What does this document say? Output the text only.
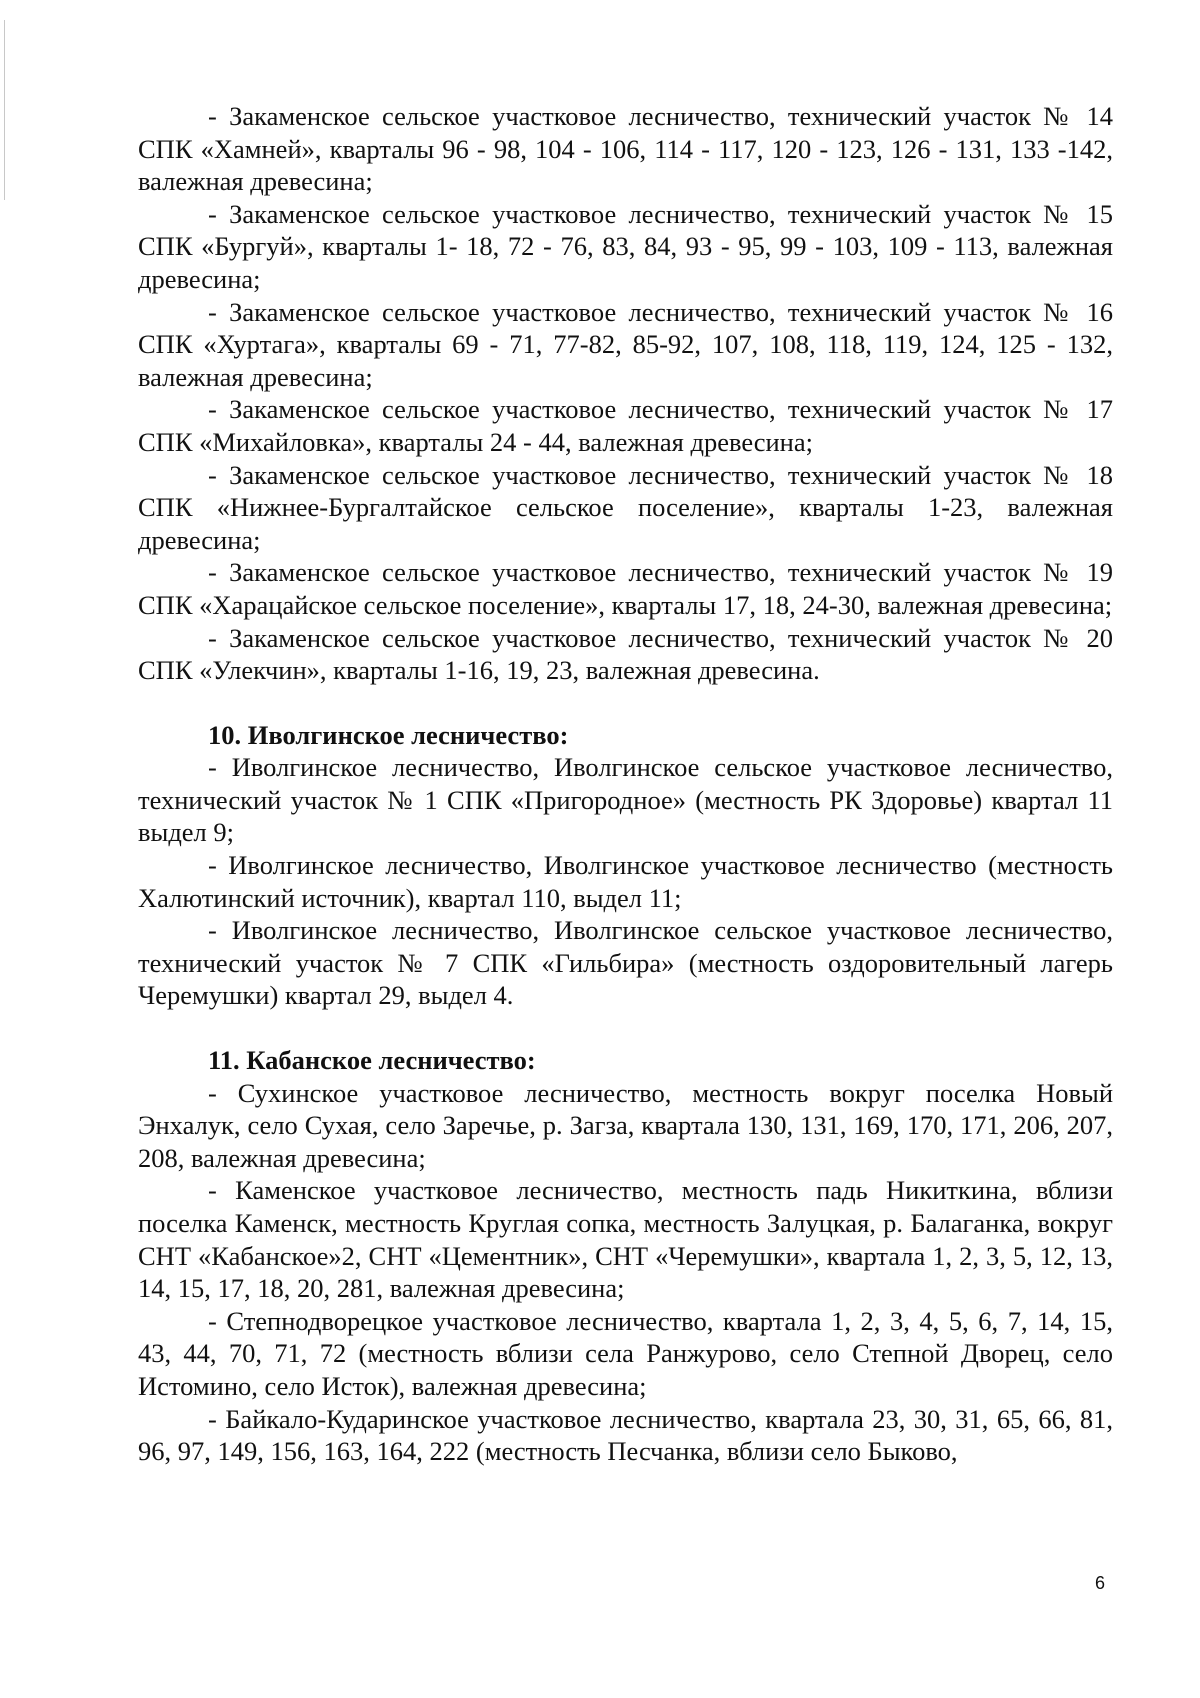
- Закаменское сельское участковое лесничество, технический участок № 14 СПК «Хамней», кварталы 96 - 98, 104 - 106, 114 - 117, 120 - 123, 126 - 131, 133 -142, валежная древесина;

- Закаменское сельское участковое лесничество, технический участок № 15 СПК «Бургуй», кварталы 1- 18, 72 - 76, 83, 84, 93 - 95, 99 - 103, 109 - 113, валежная древесина;

- Закаменское сельское участковое лесничество, технический участок № 16 СПК «Хуртага», кварталы 69 - 71, 77-82, 85-92, 107, 108, 118, 119, 124, 125 - 132, валежная древесина;

- Закаменское сельское участковое лесничество, технический участок № 17 СПК «Михайловка», кварталы 24 - 44, валежная древесина;

- Закаменское сельское участковое лесничество, технический участок № 18 СПК «Нижнее-Бургалтайское сельское поселение», кварталы 1-23, валежная древесина;

- Закаменское сельское участковое лесничество, технический участок № 19 СПК «Харацайское сельское поселение», кварталы 17, 18, 24-30, валежная древесина;

- Закаменское сельское участковое лесничество, технический участок № 20 СПК «Улекчин», кварталы 1-16, 19, 23, валежная древесина.

10. Иволгинское лесничество:

- Иволгинское лесничество, Иволгинское сельское участковое лесничество, технический участок № 1 СПК «Пригородное» (местность РК Здоровье) квартал 11 выдел 9;

- Иволгинское лесничество, Иволгинское участковое лесничество (местность Халютинский источник), квартал 110, выдел 11;

- Иволгинское лесничество, Иволгинское сельское участковое лесничество, технический участок № 7 СПК «Гильбира» (местность оздоровительный лагерь Черемушки) квартал 29, выдел 4.

11. Кабанское лесничество:

- Сухинское участковое лесничество, местность вокруг поселка Новый Энхалук, село Сухая, село Заречье, р. Загза, квартала 130, 131, 169, 170, 171, 206, 207, 208, валежная древесина;

- Каменское участковое лесничество, местность падь Никиткина, вблизи поселка Каменск, местность Круглая сопка, местность Залуцкая, р. Балаганка, вокруг СНТ «Кабанское»2, СНТ «Цементник», СНТ «Черемушки», квартала 1, 2, 3, 5, 12, 13, 14, 15, 17, 18, 20, 281, валежная древесина;

- Степнодворецкое участковое лесничество, квартала 1, 2, 3, 4, 5, 6, 7, 14, 15, 43, 44, 70, 71, 72 (местность вблизи села Ранжурово, село Степной Дворец, село Истомино, село Исток), валежная древесина;

- Байкало-Кударинское участковое лесничество, квартала 23, 30, 31, 65, 66, 81, 96, 97, 149, 156, 163, 164, 222 (местность Песчанка, вблизи село Быково,

6
